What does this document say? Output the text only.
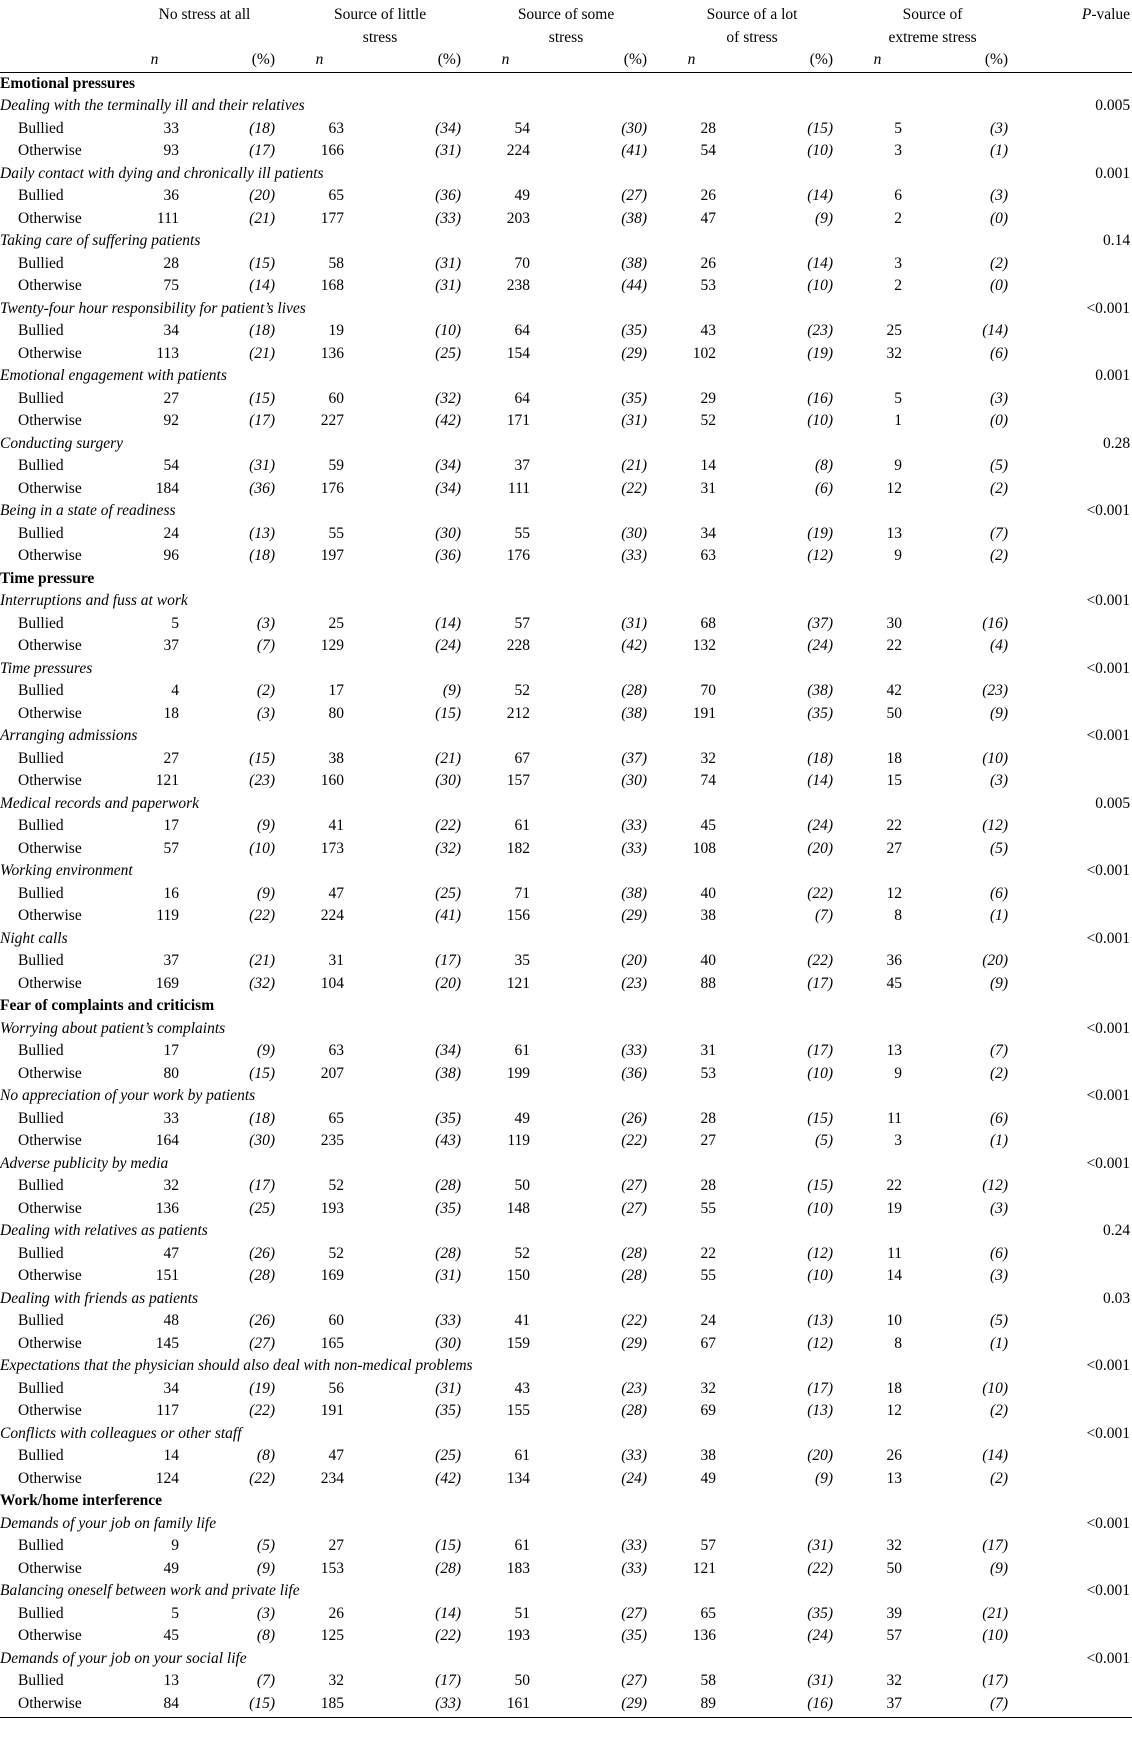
	No stress at all		Source of little		Source of some		Source of a lot		Source of		P-value
			stress		stress		of stress		extreme stress		
	n	(%)	n	(%)	n	(%)	n	(%)	n	(%)	
Emotional pressures											
Dealing with the terminally ill and their relatives											0.005
Bullied	33	(18)	63	(34)	54	(30)	28	(15)	5	(3)	
Otherwise	93	(17)	166	(31)	224	(41)	54	(10)	3	(1)	
Daily contact with dying and chronically ill patients											0.001
Bullied	36	(20)	65	(36)	49	(27)	26	(14)	6	(3)	
Otherwise	111	(21)	177	(33)	203	(38)	47	(9)	2	(0)	
Taking care of suffering patients											0.14
Bullied	28	(15)	58	(31)	70	(38)	26	(14)	3	(2)	
Otherwise	75	(14)	168	(31)	238	(44)	53	(10)	2	(0)	
Twenty-four hour responsibility for patient’s lives											<0.001
Bullied	34	(18)	19	(10)	64	(35)	43	(23)	25	(14)	
Otherwise	113	(21)	136	(25)	154	(29)	102	(19)	32	(6)	
Emotional engagement with patients											0.001
Bullied	27	(15)	60	(32)	64	(35)	29	(16)	5	(3)	
Otherwise	92	(17)	227	(42)	171	(31)	52	(10)	1	(0)	
Conducting surgery											0.28
Bullied	54	(31)	59	(34)	37	(21)	14	(8)	9	(5)	
Otherwise	184	(36)	176	(34)	111	(22)	31	(6)	12	(2)	
Being in a state of readiness											<0.001
Bullied	24	(13)	55	(30)	55	(30)	34	(19)	13	(7)	
Otherwise	96	(18)	197	(36)	176	(33)	63	(12)	9	(2)	
Time pressure											
Interruptions and fuss at work											<0.001
Bullied	5	(3)	25	(14)	57	(31)	68	(37)	30	(16)	
Otherwise	37	(7)	129	(24)	228	(42)	132	(24)	22	(4)	
Time pressures											<0.001
Bullied	4	(2)	17	(9)	52	(28)	70	(38)	42	(23)	
Otherwise	18	(3)	80	(15)	212	(38)	191	(35)	50	(9)	
Arranging admissions											<0.001
Bullied	27	(15)	38	(21)	67	(37)	32	(18)	18	(10)	
Otherwise	121	(23)	160	(30)	157	(30)	74	(14)	15	(3)	
Medical records and paperwork											0.005
Bullied	17	(9)	41	(22)	61	(33)	45	(24)	22	(12)	
Otherwise	57	(10)	173	(32)	182	(33)	108	(20)	27	(5)	
Working environment											<0.001
Bullied	16	(9)	47	(25)	71	(38)	40	(22)	12	(6)	
Otherwise	119	(22)	224	(41)	156	(29)	38	(7)	8	(1)	
Night calls											<0.001
Bullied	37	(21)	31	(17)	35	(20)	40	(22)	36	(20)	
Otherwise	169	(32)	104	(20)	121	(23)	88	(17)	45	(9)	
Fear of complaints and criticism											
Worrying about patient’s complaints											<0.001
Bullied	17	(9)	63	(34)	61	(33)	31	(17)	13	(7)	
Otherwise	80	(15)	207	(38)	199	(36)	53	(10)	9	(2)	
No appreciation of your work by patients											<0.001
Bullied	33	(18)	65	(35)	49	(26)	28	(15)	11	(6)	
Otherwise	164	(30)	235	(43)	119	(22)	27	(5)	3	(1)	
Adverse publicity by media											<0.001
Bullied	32	(17)	52	(28)	50	(27)	28	(15)	22	(12)	
Otherwise	136	(25)	193	(35)	148	(27)	55	(10)	19	(3)	
Dealing with relatives as patients											0.24
Bullied	47	(26)	52	(28)	52	(28)	22	(12)	11	(6)	
Otherwise	151	(28)	169	(31)	150	(28)	55	(10)	14	(3)	
Dealing with friends as patients											0.03
Bullied	48	(26)	60	(33)	41	(22)	24	(13)	10	(5)	
Otherwise	145	(27)	165	(30)	159	(29)	67	(12)	8	(1)	
Expectations that the physician should also deal with non-medical problems											<0.001
Bullied	34	(19)	56	(31)	43	(23)	32	(17)	18	(10)	
Otherwise	117	(22)	191	(35)	155	(28)	69	(13)	12	(2)	
Conflicts with colleagues or other staff											<0.001
Bullied	14	(8)	47	(25)	61	(33)	38	(20)	26	(14)	
Otherwise	124	(22)	234	(42)	134	(24)	49	(9)	13	(2)	
Work/home interference											
Demands of your job on family life											<0.001
Bullied	9	(5)	27	(15)	61	(33)	57	(31)	32	(17)	
Otherwise	49	(9)	153	(28)	183	(33)	121	(22)	50	(9)	
Balancing oneself between work and private life											<0.001
Bullied	5	(3)	26	(14)	51	(27)	65	(35)	39	(21)	
Otherwise	45	(8)	125	(22)	193	(35)	136	(24)	57	(10)	
Demands of your job on your social life											<0.001
Bullied	13	(7)	32	(17)	50	(27)	58	(31)	32	(17)	
Otherwise	84	(15)	185	(33)	161	(29)	89	(16)	37	(7)	
